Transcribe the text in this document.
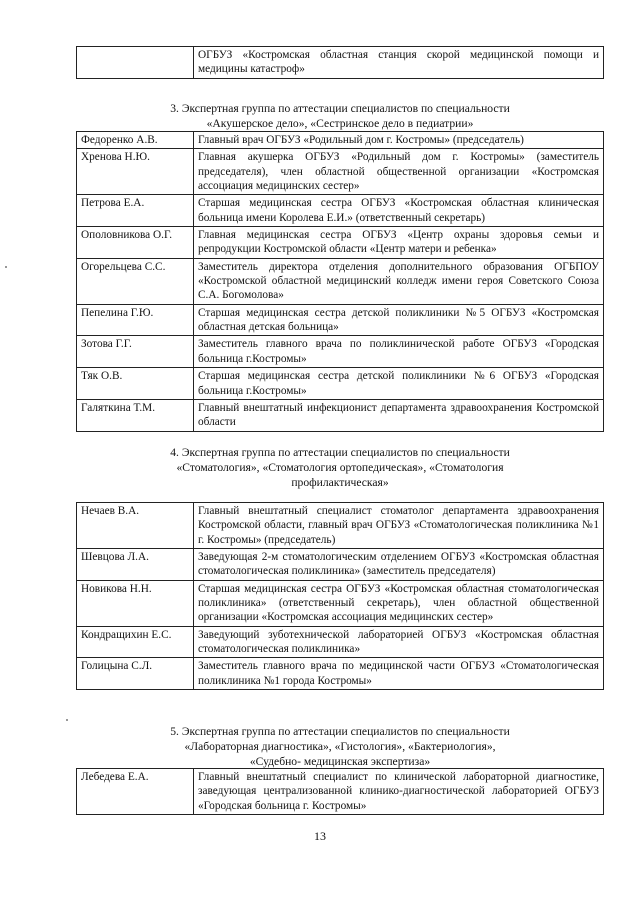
	ОГБУЗ «Костромская областная станция скорой медицинской помощи и медицины катастроф»
3. Экспертная группа по аттестации специалистов по специальности
«Акушерское дело», «Сестринское дело в педиатрии»
Федоренко А.В.	Главный врач ОГБУЗ «Родильный дом г. Костромы» (председатель)
Хренова Н.Ю.	Главная акушерка ОГБУЗ «Родильный дом г. Костромы» (заместитель председателя), член областной общественной организации «Костромская ассоциация медицинских сестер»
Петрова Е.А.	Старшая медицинская сестра ОГБУЗ «Костромская областная клиническая больница имени Королева Е.И.» (ответственный секретарь)
Ополовникова О.Г.	Главная медицинская сестра ОГБУЗ «Центр охраны здоровья семьи и репродукции Костромской области «Центр матери и ребенка»
Огорельцева С.С.	Заместитель директора отделения дополнительного образования ОГБПОУ «Костромской областной медицинский колледж имени героя Советского Союза С.А. Богомолова»
Пепелина Г.Ю.	Старшая медицинская сестра детской поликлиники №5 ОГБУЗ «Костромская областная детская больница»
Зотова Г.Г.	Заместитель главного врача по поликлинической работе ОГБУЗ «Городская больница г.Костромы»
Тяк О.В.	Старшая медицинская сестра детской поликлиники №6 ОГБУЗ «Городская больница г.Костромы»
Галяткина Т.М.	Главный внештатный инфекционист департамента здравоохранения Костромской области
4. Экспертная группа по аттестации специалистов по специальности
«Стоматология», «Стоматология ортопедическая», «Стоматология
профилактическая»
Нечаев В.А.	Главный внештатный специалист стоматолог департамента здравоохранения Костромской области, главный врач ОГБУЗ «Стоматологическая поликлиника №1 г. Костромы» (председатель)
Шевцова Л.А.	Заведующая 2-м стоматологическим отделением ОГБУЗ «Костромская областная стоматологическая поликлиника» (заместитель председателя)
Новикова Н.Н.	Старшая медицинская сестра ОГБУЗ «Костромская областная стоматологическая поликлиника» (ответственный секретарь), член областной общественной организации «Костромская ассоциация медицинских сестер»
Кондращихин Е.С.	Заведующий зуботехнической лабораторией ОГБУЗ «Костромская областная стоматологическая поликлиника»
Голицына С.Л.	Заместитель главного врача по медицинской части ОГБУЗ «Стоматологическая поликлиника №1 города Костромы»
5. Экспертная группа по аттестации специалистов по специальности
«Лабораторная диагностика», «Гистология», «Бактериология»,
«Судебно- медицинская экспертиза»
Лебедева Е.А.	Главный внештатный специалист по клинической лабораторной диагностике, заведующая централизованной клинико-диагностической лабораторией ОГБУЗ «Городская больница г. Костромы»
13
